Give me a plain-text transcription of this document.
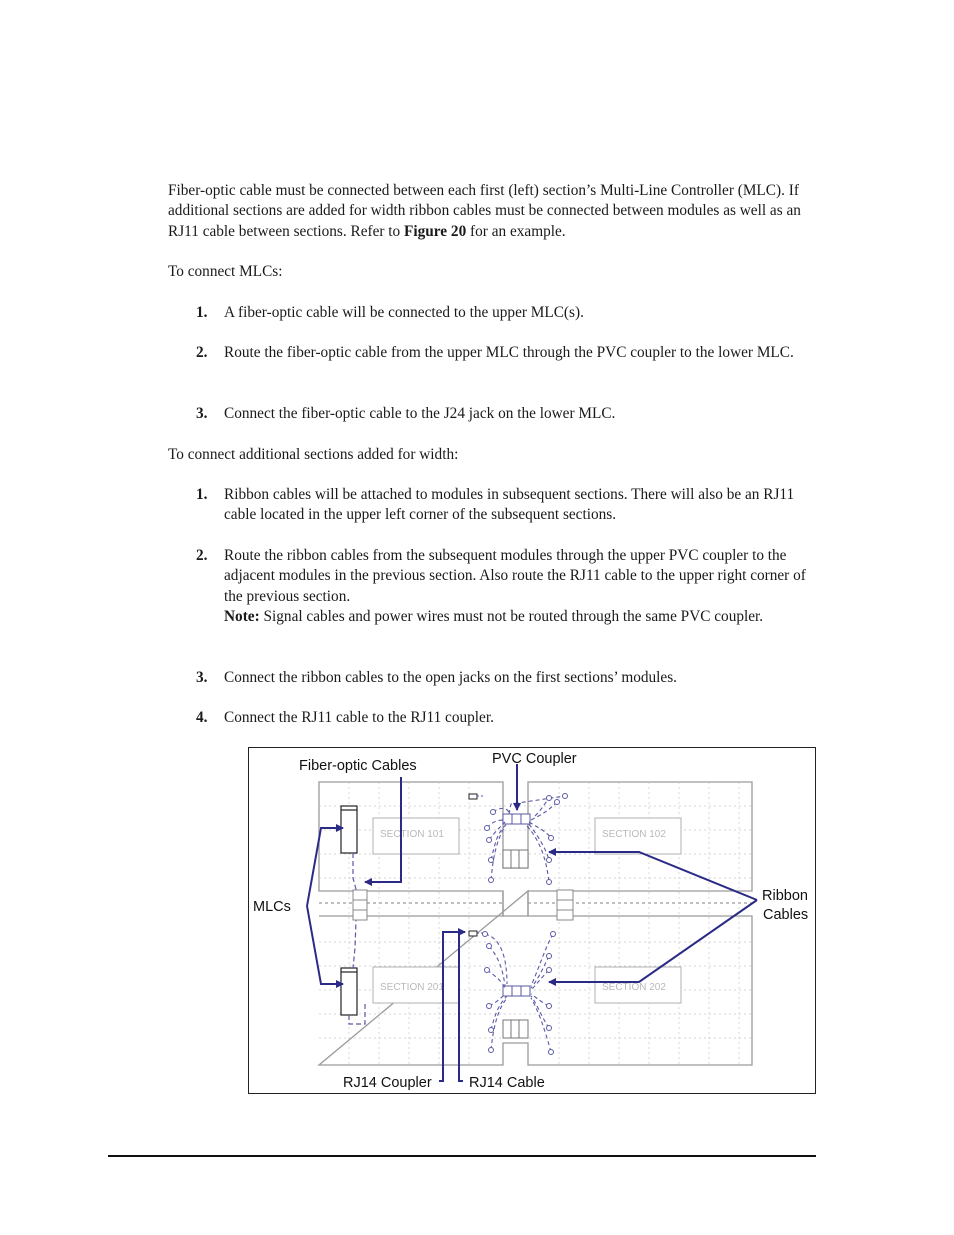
Fiber-optic cable must be connected between each first (left) section’s Multi-Line Controller (MLC). If additional sections are added for width ribbon cables must be connected between modules as well as an RJ11 cable between sections. Refer to Figure 20 for an example.
To connect MLCs:
1. A fiber-optic cable will be connected to the upper MLC(s).
2. Route the fiber-optic cable from the upper MLC through the PVC coupler to the lower MLC.
3. Connect the fiber-optic cable to the J24 jack on the lower MLC.
To connect additional sections added for width:
1. Ribbon cables will be attached to modules in subsequent sections. There will also be an RJ11 cable located in the upper left corner of the subsequent sections.
2. Route the ribbon cables from the subsequent modules through the upper PVC coupler to the adjacent modules in the previous section. Also route the RJ11 cable to the upper right corner of the previous section.
Note: Signal cables and power wires must not be routed through the same PVC coupler.
3. Connect the ribbon cables to the open jacks on the first sections’ modules.
4. Connect the RJ11 cable to the RJ11 coupler.
SECTION 101	SECTION 102
SECTION 201	SECTION 202
Fiber-optic Cables	PVC Coupler
MLCs
Ribbon
Cables
RJ14 Coupler	RJ14 Cable
